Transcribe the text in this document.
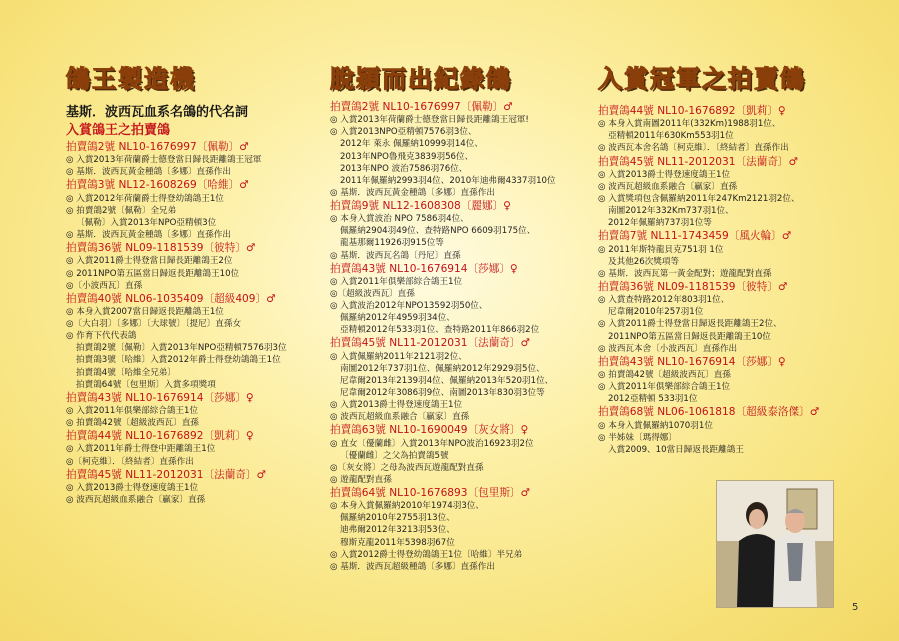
鴿王製造機
基斯．波西瓦血系名鴿的代名詞
入賞鴿王之拍賣鴿
拍賣鴿2號 NL10-1676997〔佩勒〕♂
◎ 入賞2013年荷蘭爵士德登當日歸長距離鴿王冠軍
◎ 基斯．波西瓦黃金種鴿〔多娜〕直孫作出
拍賣鴿3號 NL12-1608269〔哈維〕♂
◎ 入賞2012年荷蘭爵士得登幼鴿鴿王1位
◎ 拍賣鴿2號〔佩勒〕全兄弟
〔佩勒〕入賞2013年NPO亞精頓3位
◎ 基斯．波西瓦黃金種鴿〔多娜〕直孫作出
拍賣鴿36號 NL09-1181539〔彼特〕♂
◎ 入賞2011爵士得登當日歸長距離鴿王2位
◎ 2011NPO第五區當日歸返長距離鴿王10位
◎〔小波西瓦〕直孫
拍賣鴿40號 NL06-1035409〔超級409〕♂
◎ 本身入賞2007當日歸返長距離鴿王1位
◎〔大白羽〕〔多娜〕〔大球號〕〔提尼〕直孫女
◎ 作育下代代表鴿
拍賣鴿2號〔佩勒〕入賞2013年NPO亞精頓7576羽3位
拍賣鴿3號〔哈維〕入賞2012年爵士得登幼鴿鴿王1位
拍賣鴿4號〔哈維全兄弟〕
拍賣鴿64號〔包里斯〕入賞多項獎項
拍賣鴿43號 NL10-1676914〔莎娜〕♀
◎ 入賞2011年俱樂部綜合鴿王1位
◎ 拍賣鴿42號〔超級波西瓦〕直孫
拍賣鴿44號 NL10-1676892〔凱莉〕♀
◎ 入賞2011年爵士得登中距離鴿王1位
◎〔柯克維〕．〔終結者〕直孫作出
拍賣鴿45號 NL11-2012031〔法蘭奇〕♂
◎ 入賞2013爵士得登速度鴿王1位
◎ 波西瓦超級血系融合〔贏家〕直孫
脫穎而出紀錄鴿
拍賣鴿2號 NL10-1676997〔佩勒〕♂
◎ 入賞2013年荷蘭爵士德登當日歸長距離鴿王冠軍!
◎ 入賞2013NPO亞精頓7576羽3位、
2012年 萊永 佩羅納10999羽14位、
2013年NPO魯飛克3839羽56位、
2013年NPO 波治7586羽76位、
2011年佩羅納2993羽4位、2010年迪弗爾4337羽10位
◎ 基斯．波西瓦黃金種鴿〔多娜〕直孫作出
拍賣鴿9號 NL12-1608308〔麗娜〕♀
◎ 本身入賞波治 NPO 7586羽4位、
佩羅納2904羽49位、查特路NPO 6609羽175位、
龍基那爾11926羽915位等
◎ 基斯．波西瓦名鴿〔丹尼〕直孫
拍賣鴿43號 NL10-1676914〔莎娜〕♀
◎ 入賞2011年俱樂部綜合鴿王1位
◎〔超級波西瓦〕直孫
◎ 入賞波治2012年NPO13592羽50位、
佩羅納2012年4959羽34位、
亞精頓2012年533羽1位、查特路2011年866羽2位
拍賣鴿45號 NL11-2012031〔法蘭奇〕♂
◎ 入賞佩羅納2011年2121羽2位、
南圖2012年737羽1位、佩羅納2012年2929羽5位、
尼韋爾2013年2139羽4位、佩羅納2013年520羽1位、
尼韋爾2012年3086羽9位、南圖2013年830羽3位等
◎ 入賞2013爵士得登速度鴿王1位
◎ 波西瓦超級血系融合〔贏家〕直孫
拍賣鴿63號 NL10-1690049〔灰女將〕♀
◎ 直女〔優蘭雌〕入賞2013年NPO波治16923羽2位
〔優蘭雌〕之父為拍賣鴿5號
◎〔灰女將〕之母為波西瓦遊龍配對直孫
◎ 遊龍配對直孫
拍賣鴿64號 NL10-1676893〔包里斯〕♂
◎ 本身入賞佩羅納2010年1974羽3位、
佩羅納2010年2755羽13位、
迪弗爾2012年3213羽53位、
穆斯克龍2011年5398羽67位
◎ 入賞2012爵士得登幼鴿鴿王1位〔哈維〕半兄弟
◎ 基斯．波西瓦超級種鴿〔多娜〕直孫作出
入賞冠軍之拍賣鴿
拍賣鴿44號 NL10-1676892〔凱莉〕♀
◎ 本身入賞南圖2011年(332Km)1988羽1位、
亞精頓2011年630Km553羽1位
◎ 波西瓦本舍名鴿〔柯克維〕．〔終結者〕直孫作出
拍賣鴿45號 NL11-2012031〔法蘭奇〕♂
◎ 入賞2013爵士得登速度鴿王1位
◎ 波西瓦超級血系融合〔贏家〕直孫
◎ 入賞獎項包含佩羅納2011年247Km2121羽2位、
南圖2012年332Km737羽1位、
2012年佩羅納737羽1位等
拍賣鴿7號 NL11-1743459〔風火輪〕♂
◎ 2011年斯特龍貝克751羽 1位
及其他26次獎項等
◎ 基斯．波西瓦第一黃金配對；遊龍配對直孫
拍賣鴿36號 NL09-1181539〔彼特〕♂
◎ 入賞查特路2012年803羽1位、
尼韋爾2010年257羽1位
◎ 入賞2011爵士得登當日歸返長距離鴿王2位、
2011NPO第五區當日歸返長距離鴿王10位
◎ 波西瓦本舍〔小波西瓦〕直孫作出
拍賣鴿43號 NL10-1676914〔莎娜〕♀
◎ 拍賣鴿42號〔超級波西瓦〕直孫
◎ 入賞2011年俱樂部綜合鴿王1位
2012亞精頓 533羽1位
拍賣鴿68號 NL06-1061818〔超級泰洛傑〕♂
◎ 本身入賞佩羅納1070羽1位
◎ 半姊妹〔瑪得娜〕
入賞2009、10當日歸返長距離鴿王
5
